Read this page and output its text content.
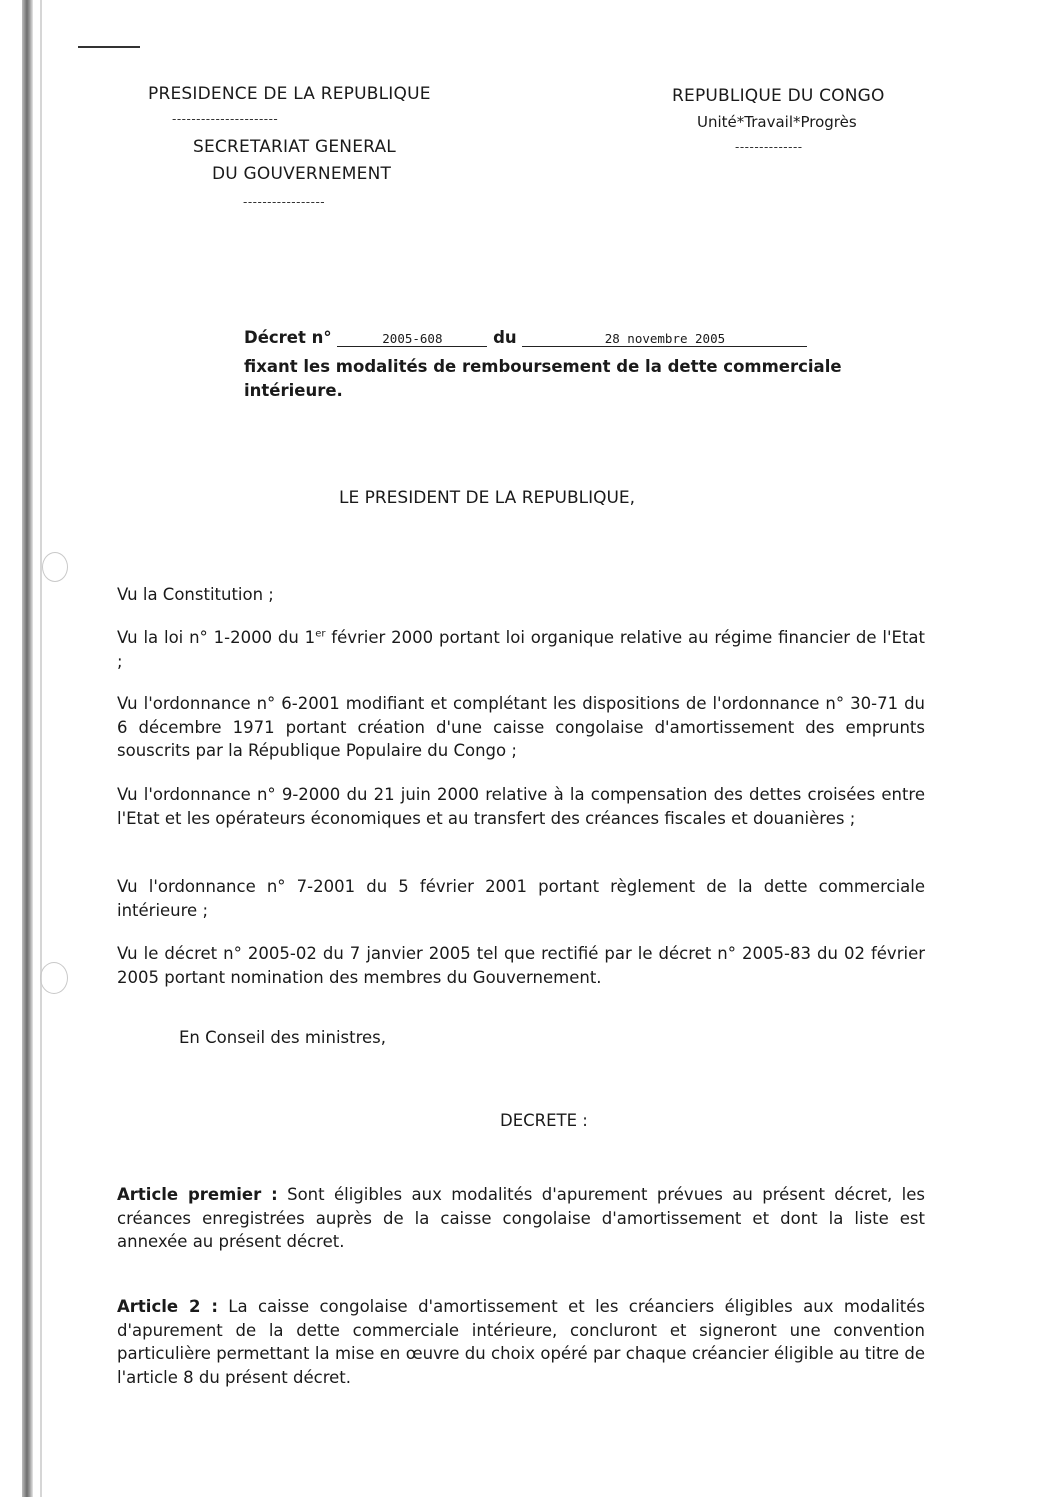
PRESIDENCE DE LA REPUBLIQUE
----------------------
SECRETARIAT GENERAL
DU GOUVERNEMENT
-----------------
REPUBLIQUE DU CONGO
Unité*Travail*Progrès
--------------
Décret n°	2005-608	du	28 novembre 2005
fixant les modalités de remboursement de la dette commerciale
intérieure.
LE PRESIDENT DE LA REPUBLIQUE,
Vu la Constitution ;
Vu la loi n° 1-2000 du 1er février 2000 portant loi organique relative au régime financier de l'Etat ;
Vu l'ordonnance n° 6-2001 modifiant et complétant les dispositions de l'ordonnance n° 30-71 du 6 décembre 1971 portant création d'une caisse congolaise d'amortissement des emprunts souscrits par la République Populaire du Congo ;
Vu l'ordonnance n° 9-2000 du 21 juin 2000 relative à la compensation des dettes croisées entre l'Etat et les opérateurs économiques et au transfert des créances fiscales et douanières ;
Vu l'ordonnance n° 7-2001 du 5 février 2001 portant règlement de la dette commerciale intérieure ;
Vu le décret n° 2005-02 du 7 janvier 2005 tel que rectifié par le décret n° 2005-83 du 02 février 2005 portant nomination des membres du Gouvernement.
En Conseil des ministres,
DECRETE :
Article premier : Sont éligibles aux modalités d'apurement prévues au présent décret, les créances enregistrées auprès de la caisse congolaise d'amortissement et dont la liste est annexée au présent décret.
Article 2 : La caisse congolaise d'amortissement et les créanciers éligibles aux modalités d'apurement de la dette commerciale intérieure, concluront et signeront une convention particulière permettant la mise en œuvre du choix opéré par chaque créancier éligible au titre de l'article 8 du présent décret.
